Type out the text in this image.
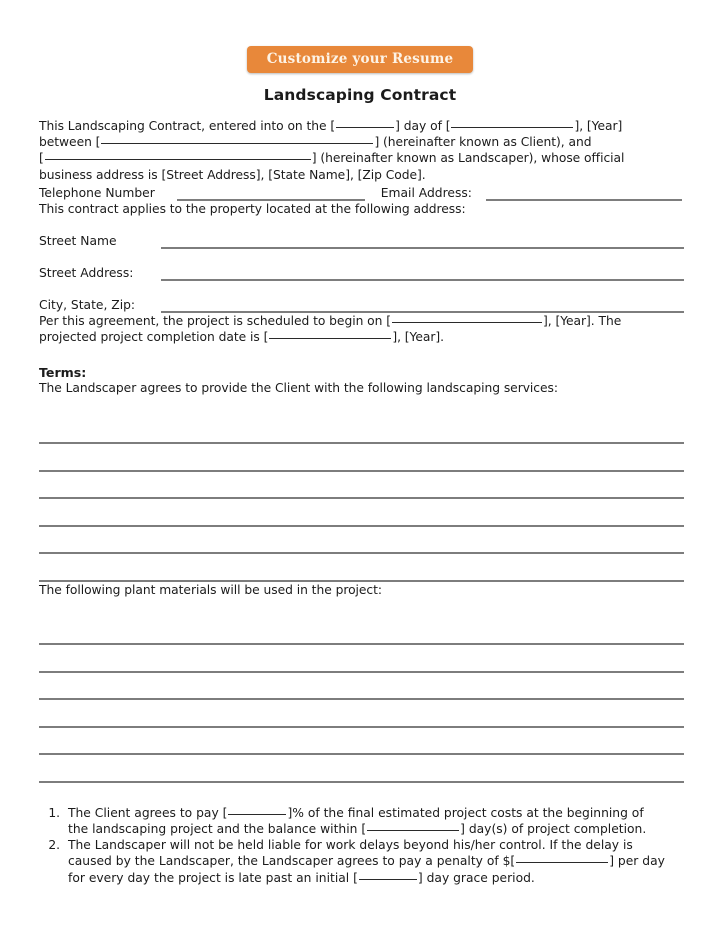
Customize your Resume
Landscaping Contract

This Landscaping Contract, entered into on the [	] day of [	], [Year]
between [	] (hereinafter known as Client), and
[	] (hereinafter known as Landscaper), whose official
business address is [Street Address], [State Name], [Zip Code].

Telephone Number	Email Address:

This contract applies to the property located at the following address:

Street Name
Street Address:
City, State, Zip:

Per this agreement, the project is scheduled to begin on [	], [Year]. The
projected project completion date is [	], [Year].

Terms:

The Landscaper agrees to provide the Client with the following landscaping services:

The following plant materials will be used in the project:

1. The Client agrees to pay [	]% of the final estimated project costs at the beginning of
the landscaping project and the balance within [	] day(s) of project completion.
2. The Landscaper will not be held liable for work delays beyond his/her control. If the delay is
caused by the Landscaper, the Landscaper agrees to pay a penalty of $[	] per day
for every day the project is late past an initial [	] day grace period.
